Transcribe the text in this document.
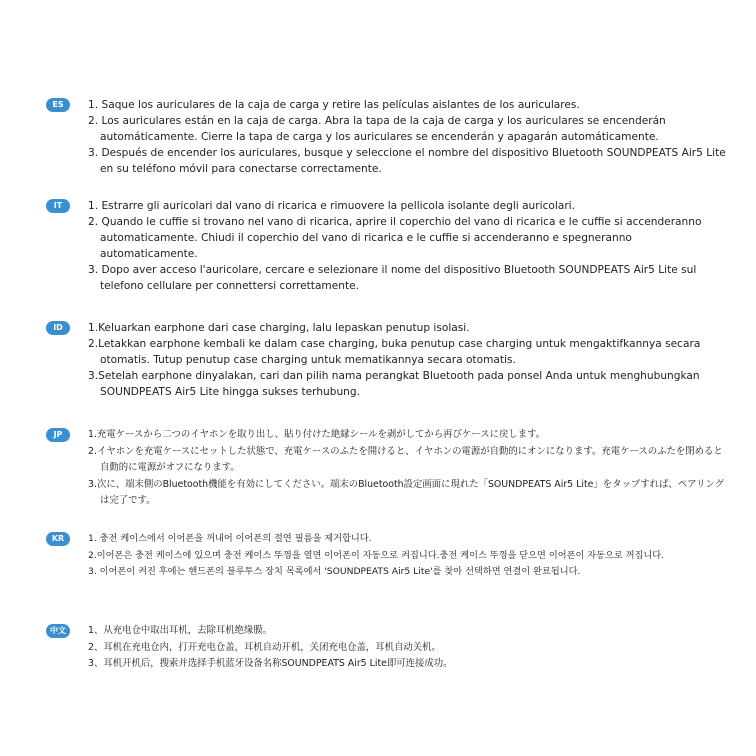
ES	1. Saque los auriculares de la caja de carga y retire las películas aislantes de los auriculares.
2. Los auriculares están en la caja de carga. Abra la tapa de la caja de carga y los auriculares se encenderán automáticamente. Cierre la tapa de carga y los auriculares se encenderán y apagarán automáticamente.
3. Después de encender los auriculares, busque y seleccione el nombre del dispositivo Bluetooth SOUNDPEATS Air5 Lite en su teléfono móvil para conectarse correctamente.
IT	1. Estrarre gli auricolari dal vano di ricarica e rimuovere la pellicola isolante degli auricolari.
2. Quando le cuffie si trovano nel vano di ricarica, aprire il coperchio del vano di ricarica e le cuffie si accenderanno automaticamente. Chiudi il coperchio del vano di ricarica e le cuffie si accenderanno e spegneranno automaticamente.
3. Dopo aver acceso l'auricolare, cercare e selezionare il nome del dispositivo Bluetooth SOUNDPEATS Air5 Lite sul telefono cellulare per connettersi correttamente.
ID	1.Keluarkan earphone dari case charging, lalu lepaskan penutup isolasi.
2.Letakkan earphone kembali ke dalam case charging, buka penutup case charging untuk mengaktifkannya secara otomatis. Tutup penutup case charging untuk mematikannya secara otomatis.
3.Setelah earphone dinyalakan, cari dan pilih nama perangkat Bluetooth pada ponsel Anda untuk menghubungkan SOUNDPEATS Air5 Lite hingga sukses terhubung.
JP	1.充電ケースから二つのイヤホンを取り出し、貼り付けた絶縁シールを剥がしてから再びケースに戻します。
2.イヤホンを充電ケースにセットした状態で、充電ケースのふたを開けると、イヤホンの電源が自動的にオンになります。充電ケースのふたを閉めると自動的に電源がオフになります。
3.次に、端末側のBluetooth機能を有効にしてください。端末のBluetooth設定画面に現れた「SOUNDPEATS Air5 Lite」をタップすれば、ペアリングは完了です。
KR	1. 충전 케이스에서 이어폰을 꺼내어 이어폰의 절연 필름을 제거합니다.
2.이어폰은 충전 케이스에 있으며 충전 케이스 뚜껑을 열면 이어폰이 자동으로 켜집니다.충전 케이스 뚜껑을 닫으면 이어폰이 자동으로 꺼집니다.
3. 이어폰이 켜진 후에는 핸드폰의 블루투스 장치 목록에서 'SOUNDPEATS Air5 Lite'를 찾아 선택하면 연결이 완료됩니다.
中文	1、从充电仓中取出耳机，去除耳机绝缘膜。
2、耳机在充电仓内，打开充电仓盖，耳机自动开机，关闭充电仓盖，耳机自动关机。
3、耳机开机后，搜索并选择手机蓝牙设备名称SOUNDPEATS Air5 Lite即可连接成功。
